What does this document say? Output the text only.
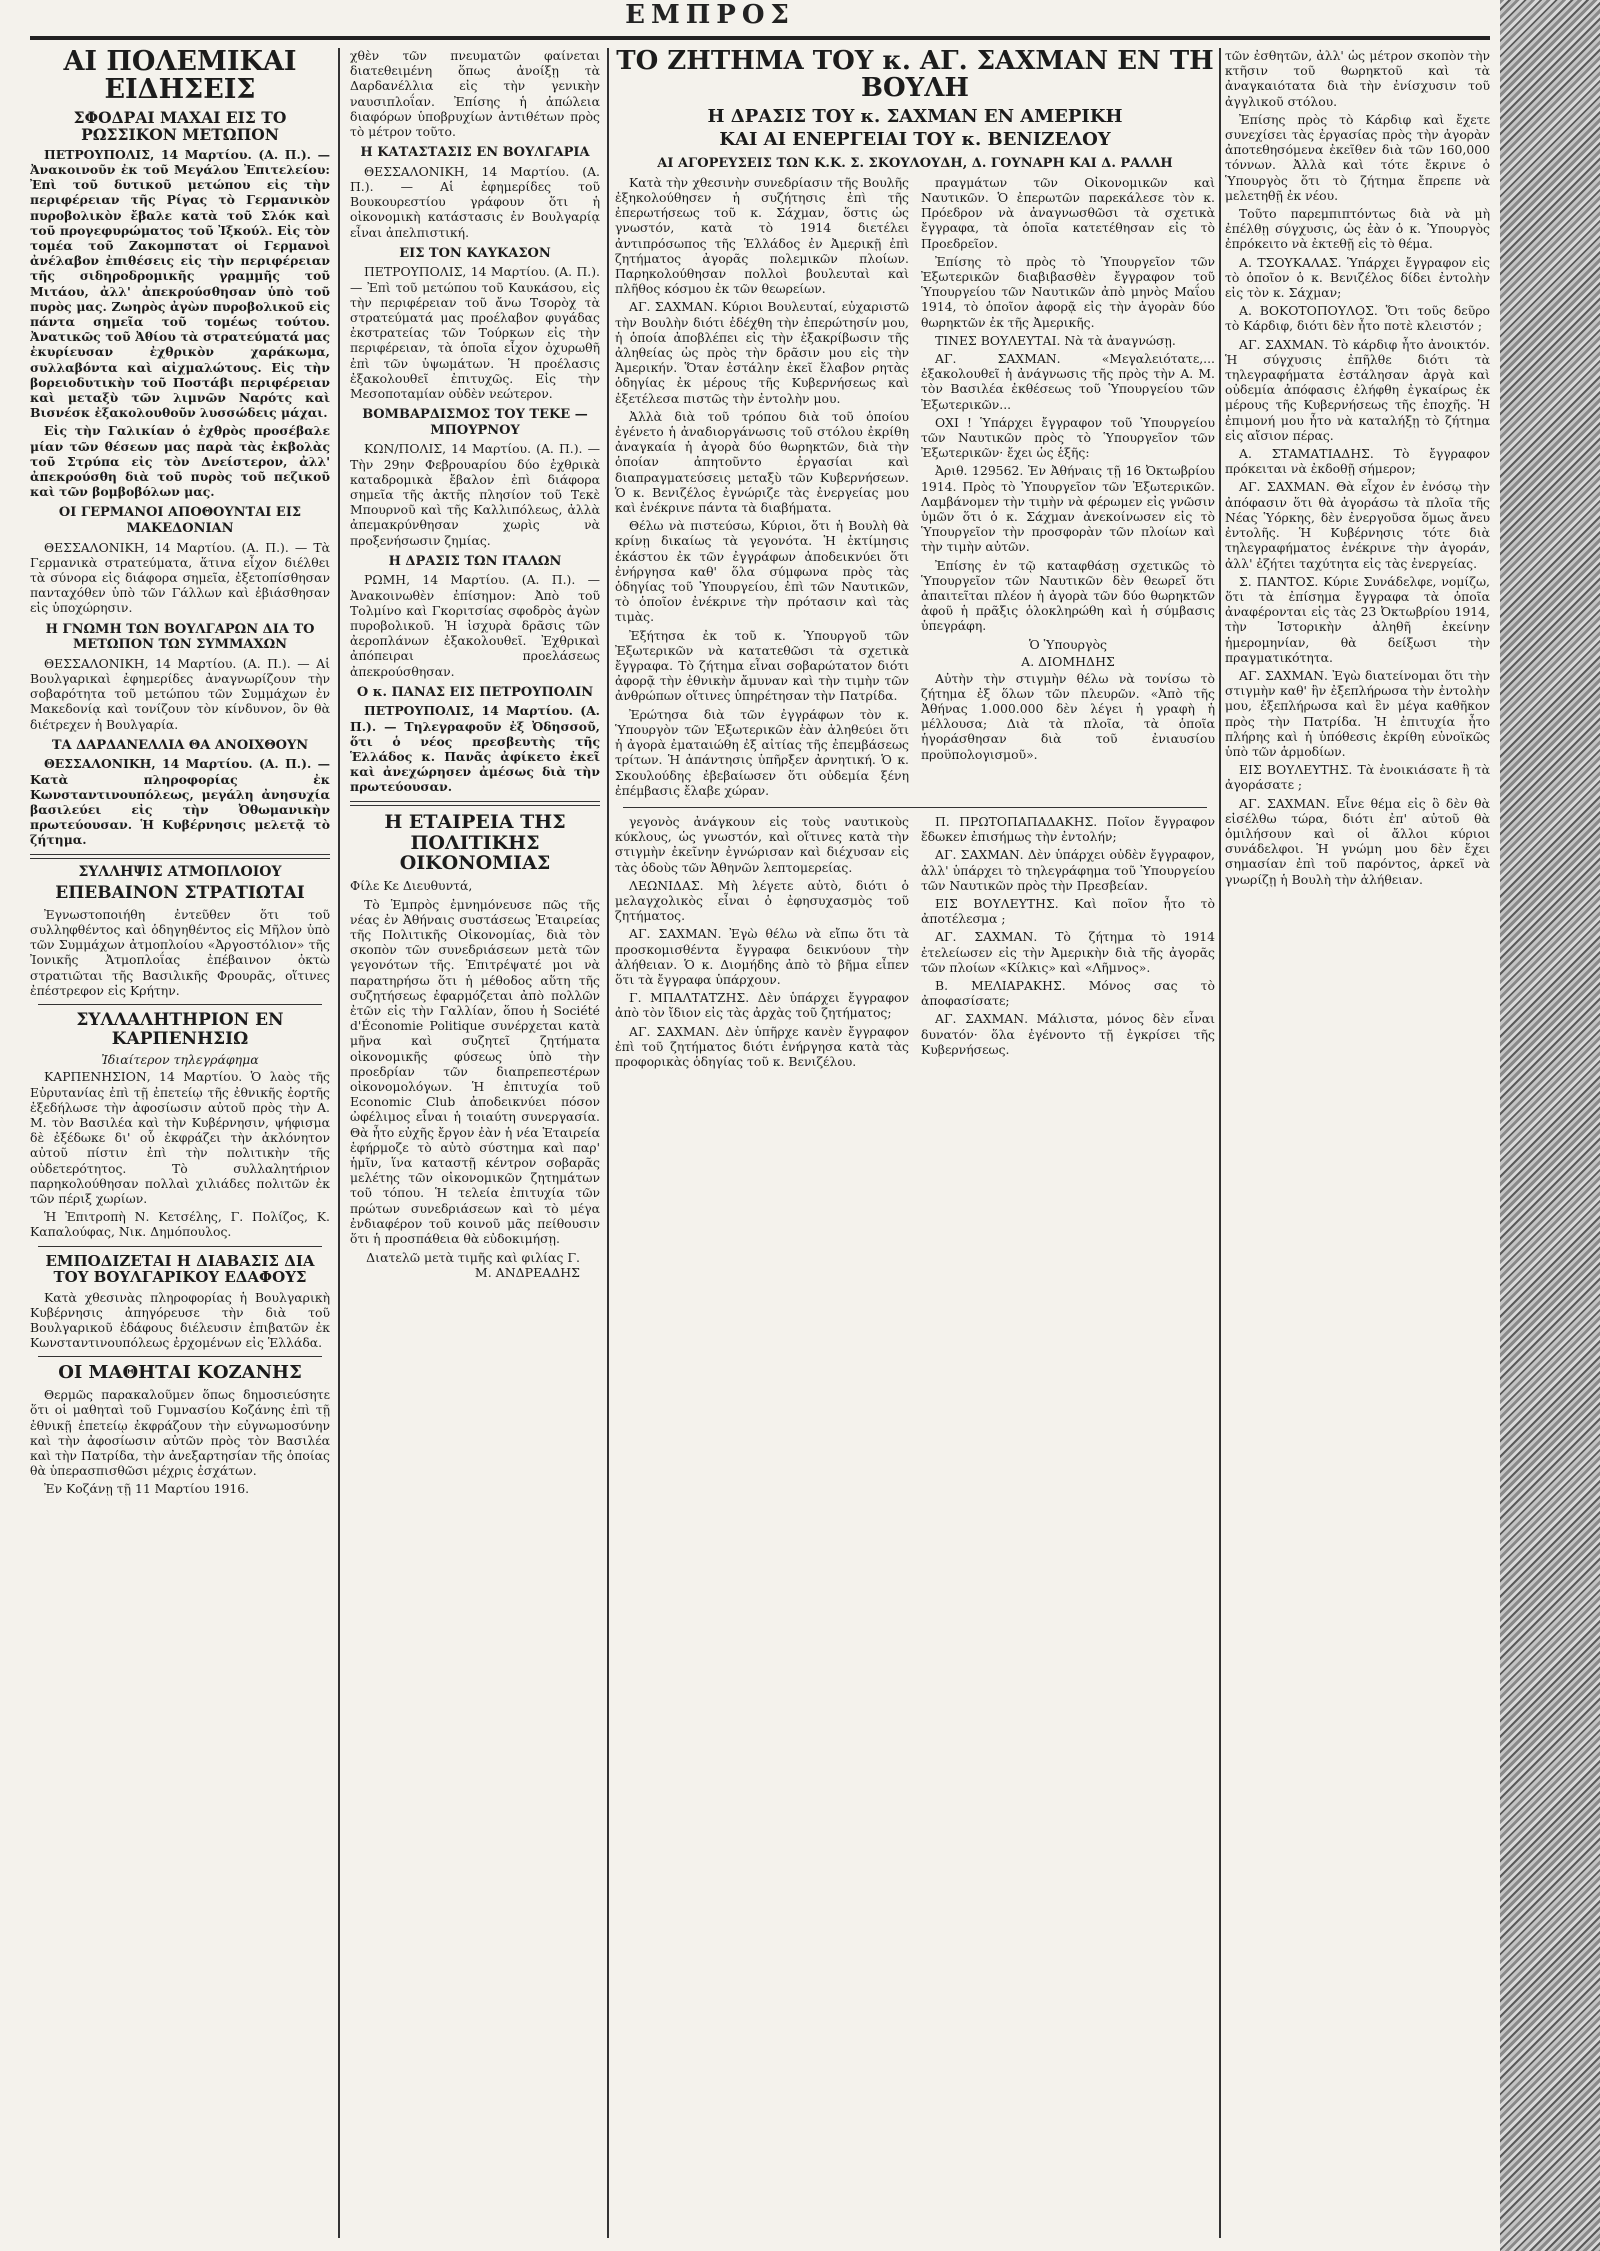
ΕΜΠΡΟΣ
ΑΙ ΠΟΛΕΜΙΚΑΙ ΕΙΔΗΣΕΙΣ
ΣΦΟΔΡΑΙ ΜΑΧΑΙ ΕΙΣ ΤΟ ΡΩΣΣΙΚΟΝ ΜΕΤΩΠΟΝ

ΠΕΤΡΟΥΠΟΛΙΣ, 14 Μαρτίου. (Α. Π.). — Ἀνακοινοῦν ἐκ τοῦ Μεγάλου Ἐπιτελείου: Ἐπὶ τοῦ δυτικοῦ μετώπου εἰς τὴν περιφέρειαν τῆς Ρίγας τὸ Γερμανικὸν πυροβολικὸν ἔβαλε κατὰ τοῦ Σλόκ καὶ τοῦ προγεφυρώματος τοῦ Ἰξκούλ. Εἰς τὸν τομέα τοῦ Ζακομπστατ οἱ Γερμανοὶ ἀνέλαβον ἐπιθέσεις εἰς τὴν περιφέρειαν τῆς σιδηροδρομικῆς γραμμῆς τοῦ Μιτάου, ἀλλ' ἀπεκρούσθησαν ὑπὸ τοῦ πυρὸς μας. Ζωηρὸς ἀγὼν πυροβολικοῦ εἰς πάντα σημεῖα τοῦ τομέως τούτου. Ἀνατικῶς τοῦ Ἀθίου τὰ στρατεύματά μας ἐκυρίευσαν ἐχθρικὸν χαράκωμα, συλλαβόντα καὶ αἰχμαλώτους. Εἰς τὴν βορειοδυτικὴν τοῦ Ποστάβι περιφέρειαν καὶ μεταξὺ τῶν λιμνῶν Ναρότς καὶ Βισνέσκ ἐξακολουθοῦν λυσσώδεις μάχαι.

Εἰς τὴν Γαλικίαν ὁ ἐχθρὸς προσέβαλε μίαν τῶν θέσεων μας παρὰ τὰς ἐκβολὰς τοῦ Στρύπα εἰς τὸν Δνείστερον, ἀλλ' ἀπεκρούσθη διὰ τοῦ πυρὸς τοῦ πεζικοῦ καὶ τῶν βομβοβόλων μας.

ΟΙ ΓΕΡΜΑΝΟΙ ΑΠΟΘΟΥΝΤΑΙ ΕΙΣ ΜΑΚΕΔΟΝΙΑΝ

ΘΕΣΣΑΛΟΝΙΚΗ, 14 Μαρτίου. (Α. Π.). — Τὰ Γερμανικὰ στρατεύματα, ἅτινα εἶχον διέλθει τὰ σύνορα εἰς διάφορα σημεῖα, ἐξετοπίσθησαν πανταχόθεν ὑπὸ τῶν Γάλλων καὶ ἐβιάσθησαν εἰς ὑποχώρησιν.

Η ΓΝΩΜΗ ΤΩΝ ΒΟΥΛΓΑΡΩΝ ΔΙΑ ΤΟ ΜΕΤΩΠΟΝ ΤΩΝ ΣΥΜΜΑΧΩΝ

ΘΕΣΣΑΛΟΝΙΚΗ, 14 Μαρτίου. (Α. Π.). — Αἱ Βουλγαρικαὶ ἐφημερίδες ἀναγνωρίζουν τὴν σοβαρότητα τοῦ μετώπου τῶν Συμμάχων ἐν Μακεδονίᾳ καὶ τονίζουν τὸν κίνδυνον, ὃν θὰ διέτρεχεν ἡ Βουλγαρία.

ΤΑ ΔΑΡΔΑΝΕΛΛΙΑ ΘΑ ΑΝΟΙΧΘΟΥΝ

ΘΕΣΣΑΛΟΝΙΚΗ, 14 Μαρτίου. (Α. Π.). — Κατὰ πληροφορίας ἐκ Κωνσταντινουπόλεως, μεγάλη ἀνησυχία βασιλεύει εἰς τὴν Ὀθωμανικὴν πρωτεύουσαν. Ἡ Κυβέρνησις μελετᾷ τὸ ζήτημα.

ΣΥΛΛΗΨΙΣ ΑΤΜΟΠΛΟΙΟΥ
ΕΠΕΒΑΙΝΟΝ ΣΤΡΑΤΙΩΤΑΙ

Ἐγνωστοποιήθη ἐντεῦθεν ὅτι τοῦ συλληφθέντος καὶ ὁδηγηθέντος εἰς Μῆλον ὑπὸ τῶν Συμμάχων ἀτμοπλοίου «Ἀργοστόλιον» τῆς Ἰονικῆς Ἀτμοπλοΐας ἐπέβαινον ὀκτὼ στρατιῶται τῆς Βασιλικῆς Φρουρᾶς, οἵτινες ἐπέστρεφον εἰς Κρήτην.

ΣΥΛΛΑΛΗΤΗΡΙΟΝ ΕΝ ΚΑΡΠΕΝΗΣΙΩ
Ἰδιαίτερον τηλεγράφημα

ΚΑΡΠΕΝΗΣΙΟΝ, 14 Μαρτίου. Ὁ λαὸς τῆς Εὐρυτανίας ἐπὶ τῇ ἐπετείῳ τῆς ἐθνικῆς ἐορτῆς ἐξεδήλωσε τὴν ἀφοσίωσιν αὐτοῦ πρὸς τὴν Α. Μ. τὸν Βασιλέα καὶ τὴν Κυβέρνησιν, ψήφισμα δὲ ἐξέδωκε δι' οὗ ἐκφράζει τὴν ἀκλόνητον αὐτοῦ πίστιν ἐπὶ τὴν πολιτικὴν τῆς οὐδετερότητος. Τὸ συλλαλητήριον παρηκολούθησαν πολλαὶ χιλιάδες πολιτῶν ἐκ τῶν πέριξ χωρίων.

Ἡ Ἐπιτροπὴ Ν. Κετσέλης, Γ. Πολίζος, Κ. Καπαλούφας, Νικ. Δημόπουλος.

ΕΜΠΟΔΙΖΕΤΑΙ Η ΔΙΑΒΑΣΙΣ ΔΙΑ ΤΟΥ ΒΟΥΛΓΑΡΙΚΟΥ ΕΔΑΦΟΥΣ

Κατὰ χθεσινὰς πληροφορίας ἡ Βουλγαρικὴ Κυβέρνησις ἀπηγόρευσε τὴν διὰ τοῦ Βουλγαρικοῦ ἐδάφους διέλευσιν ἐπιβατῶν ἐκ Κωνσταντινουπόλεως ἐρχομένων εἰς Ἑλλάδα.

ΟΙ ΜΑΘΗΤΑΙ ΚΟΖΑΝΗΣ

Θερμῶς παρακαλοῦμεν ὅπως δημοσιεύσητε ὅτι οἱ μαθηταὶ τοῦ Γυμνασίου Κοζάνης ἐπὶ τῇ ἐθνικῇ ἐπετείῳ ἐκφράζουν τὴν εὐγνωμοσύνην καὶ τὴν ἀφοσίωσιν αὐτῶν πρὸς τὸν Βασιλέα καὶ τὴν Πατρίδα, τὴν ἀνεξαρτησίαν τῆς ὁποίας θὰ ὑπερασπισθῶσι μέχρις ἐσχάτων.

Ἐν Κοζάνῃ τῇ 11 Μαρτίου 1916.

χθὲν τῶν πνευματῶν φαίνεται διατεθειμένη ὅπως ἀνοίξῃ τὰ Δαρδανέλλια εἰς τὴν γενικὴν ναυσιπλοΐαν. Ἐπίσης ἡ ἀπώλεια διαφόρων ὑποβρυχίων ἀντιθέτων πρὸς τὸ μέτρον τοῦτο.

Η ΚΑΤΑΣΤΑΣΙΣ ΕΝ ΒΟΥΛΓΑΡΙΑ

ΘΕΣΣΑΛΟΝΙΚΗ, 14 Μαρτίου. (Α. Π.). — Αἱ ἐφημερίδες τοῦ Βουκουρεστίου γράφουν ὅτι ἡ οἰκονομικὴ κατάστασις ἐν Βουλγαρίᾳ εἶναι ἀπελπιστική.

ΕΙΣ ΤΟΝ ΚΑΥΚΑΣΟΝ

ΠΕΤΡΟΥΠΟΛΙΣ, 14 Μαρτίου. (Α. Π.). — Ἐπὶ τοῦ μετώπου τοῦ Καυκάσου, εἰς τὴν περιφέρειαν τοῦ ἄνω Τσορὸχ τὰ στρατεύματά μας προέλαβον φυγάδας ἐκστρατείας τῶν Τούρκων εἰς τὴν περιφέρειαν, τὰ ὁποῖα εἶχον ὀχυρωθῆ ἐπὶ τῶν ὑψωμάτων. Ἡ προέλασις ἐξακολουθεῖ ἐπιτυχῶς. Εἰς τὴν Μεσοποταμίαν οὐδὲν νεώτερον.

ΒΟΜΒΑΡΔΙΣΜΟΣ ΤΟΥ ΤΕΚΕ — ΜΠΟΥΡΝΟΥ

ΚΩΝ/ΠΟΛΙΣ, 14 Μαρτίου. (Α. Π.). — Τὴν 29ην Φεβρουαρίου δύο ἐχθρικὰ καταδρομικὰ ἔβαλον ἐπὶ διάφορα σημεῖα τῆς ἀκτῆς πλησίον τοῦ Τεκὲ Μπουρνοῦ καὶ τῆς Καλλιπόλεως, ἀλλὰ ἀπεμακρύνθησαν χωρὶς νὰ προξενήσωσιν ζημίας.

Η ΔΡΑΣΙΣ ΤΩΝ ΙΤΑΛΩΝ

ΡΩΜΗ, 14 Μαρτίου. (Α. Π.). — Ἀνακοινωθὲν ἐπίσημον: Ἀπὸ τοῦ Τολμίνο καὶ Γκοριτσίας σφοδρὸς ἀγὼν πυροβολικοῦ. Ἡ ἰσχυρὰ δρᾶσις τῶν ἀεροπλάνων ἐξακολουθεῖ. Ἐχθρικαὶ ἀπόπειραι προελάσεως ἀπεκρούσθησαν.

Ο κ. ΠΑΝΑΣ ΕΙΣ ΠΕΤΡΟΥΠΟΛΙΝ

ΠΕΤΡΟΥΠΟΛΙΣ, 14 Μαρτίου. (Α. Π.). — Τηλεγραφοῦν ἐξ Ὀδησσοῦ, ὅτι ὁ νέος πρεσβευτὴς τῆς Ἑλλάδος κ. Πανᾶς ἀφίκετο ἐκεῖ καὶ ἀνεχώρησεν ἀμέσως διὰ τὴν πρωτεύουσαν.

Η ΕΤΑΙΡΕΙΑ ΤΗΣ ΠΟΛΙΤΙΚΗΣ ΟΙΚΟΝΟΜΙΑΣ

Φίλε Κε Διευθυντά,

Τὸ Ἐμπρὸς ἐμνημόνευσε πῶς τῆς νέας ἐν Ἀθήναις συστάσεως Ἑταιρείας τῆς Πολιτικῆς Οἰκονομίας, διὰ τὸν σκοπὸν τῶν συνεδριάσεων μετὰ τῶν γεγονότων τῆς. Ἐπιτρέψατέ μοι νὰ παρατηρήσω ὅτι ἡ μέθοδος αὕτη τῆς συζητήσεως ἐφαρμόζεται ἀπὸ πολλῶν ἐτῶν εἰς τὴν Γαλλίαν, ὅπου ἡ Société d'Économie Politique συνέρχεται κατὰ μῆνα καὶ συζητεῖ ζητήματα οἰκονομικῆς φύσεως ὑπὸ τὴν προεδρίαν τῶν διαπρεπεστέρων οἰκονομολόγων. Ἡ ἐπιτυχία τοῦ Economic Club ἀποδεικνύει πόσον ὠφέλιμος εἶναι ἡ τοιαύτη συνεργασία. Θὰ ἦτο εὐχῆς ἔργον ἐὰν ἡ νέα Ἑταιρεία ἐφήρμοζε τὸ αὐτὸ σύστημα καὶ παρ' ἡμῖν, ἵνα καταστῇ κέντρον σοβαρᾶς μελέτης τῶν οἰκονομικῶν ζητημάτων τοῦ τόπου. Ἡ τελεία ἐπιτυχία τῶν πρώτων συνεδριάσεων καὶ τὸ μέγα ἐνδιαφέρον τοῦ κοινοῦ μᾶς πείθουσιν ὅτι ἡ προσπάθεια θὰ εὐδοκιμήσῃ.

Διατελῶ μετὰ τιμῆς καὶ φιλίας Γ. Μ. ΑΝΔΡΕΑΔΗΣ
ΤΟ ΖΗΤΗΜΑ ΤΟΥ κ. ΑΓ. ΣΑΧΜΑΝ ΕΝ ΤΗ ΒΟΥΛΗ
Η ΔΡΑΣΙΣ ΤΟΥ κ. ΣΑΧΜΑΝ ΕΝ ΑΜΕΡΙΚΗ
ΚΑΙ ΑΙ ΕΝΕΡΓΕΙΑΙ ΤΟΥ κ. ΒΕΝΙΖΕΛΟΥ
ΑΙ ΑΓΟΡΕΥΣΕΙΣ ΤΩΝ Κ.Κ. Σ. ΣΚΟΥΛΟΥΔΗ, Δ. ΓΟΥΝΑΡΗ ΚΑΙ Δ. ΡΑΛΛΗ

Κατὰ τὴν χθεσινὴν συνεδρίασιν τῆς Βουλῆς ἐξηκολούθησεν ἡ συζήτησις ἐπὶ τῆς ἐπερωτήσεως τοῦ κ. Σάχμαν, ὅστις ὡς γνωστόν, κατὰ τὸ 1914 διετέλει ἀντιπρόσωπος τῆς Ἑλλάδος ἐν Ἀμερικῇ ἐπὶ ζητήματος ἀγορᾶς πολεμικῶν πλοίων. Παρηκολούθησαν πολλοὶ βουλευταὶ καὶ πλῆθος κόσμου ἐκ τῶν θεωρείων.

ΑΓ. ΣΑΧΜΑΝ. Κύριοι Βουλευταί, εὐχαριστῶ τὴν Βουλὴν διότι ἐδέχθη τὴν ἐπερώτησίν μου, ἡ ὁποία ἀποβλέπει εἰς τὴν ἐξακρίβωσιν τῆς ἀληθείας ὡς πρὸς τὴν δρᾶσιν μου εἰς τὴν Ἀμερικήν. Ὅταν ἐστάλην ἐκεῖ ἔλαβον ρητὰς ὁδηγίας ἐκ μέρους τῆς Κυβερνήσεως καὶ ἐξετέλεσα πιστῶς τὴν ἐντολὴν μου.

Ἀλλὰ διὰ τοῦ τρόπου διὰ τοῦ ὁποίου ἐγένετο ἡ ἀναδιοργάνωσις τοῦ στόλου ἐκρίθη ἀναγκαία ἡ ἀγορὰ δύο θωρηκτῶν, διὰ τὴν ὁποίαν ἀπητοῦντο ἐργασίαι καὶ διαπραγματεύσεις μεταξὺ τῶν Κυβερνήσεων. Ὁ κ. Βενιζέλος ἐγνώριζε τὰς ἐνεργείας μου καὶ ἐνέκρινε πάντα τὰ διαβήματα.

Θέλω νὰ πιστεύσω, Κύριοι, ὅτι ἡ Βουλὴ θὰ κρίνῃ δικαίως τὰ γεγονότα. Ἡ ἐκτίμησις ἑκάστου ἐκ τῶν ἐγγράφων ἀποδεικνύει ὅτι ἐνήργησα καθ' ὅλα σύμφωνα πρὸς τὰς ὁδηγίας τοῦ Ὑπουργείου, ἐπὶ τῶν Ναυτικῶν, τὸ ὁποῖον ἐνέκρινε τὴν πρότασιν καὶ τὰς τιμὰς.

Ἐξήτησα ἐκ τοῦ κ. Ὑπουργοῦ τῶν Ἐξωτερικῶν νὰ κατατεθῶσι τὰ σχετικὰ ἔγγραφα. Τὸ ζήτημα εἶναι σοβαρώτατον διότι ἀφορᾷ τὴν ἐθνικὴν ἄμυναν καὶ τὴν τιμὴν τῶν ἀνθρώπων οἵτινες ὑπηρέτησαν τὴν Πατρίδα.

Ἐρώτησα διὰ τῶν ἐγγράφων τὸν κ. Ὑπουργὸν τῶν Ἐξωτερικῶν ἐὰν ἀληθεύει ὅτι ἡ ἀγορὰ ἐματαιώθη ἐξ αἰτίας τῆς ἐπεμβάσεως τρίτων. Ἡ ἀπάντησις ὑπῆρξεν ἀρνητική. Ὁ κ. Σκουλούδης ἐβεβαίωσεν ὅτι οὐδεμία ξένη ἐπέμβασις ἔλαβε χώραν.

πραγμάτων τῶν Οἰκονομικῶν καὶ Ναυτικῶν. Ὁ ἐπερωτῶν παρεκάλεσε τὸν κ. Πρόεδρον νὰ ἀναγνωσθῶσι τὰ σχετικὰ ἔγγραφα, τὰ ὁποῖα κατετέθησαν εἰς τὸ Προεδρεῖον.

Ἐπίσης τὸ πρὸς τὸ Ὑπουργεῖον τῶν Ἐξωτερικῶν διαβιβασθὲν ἔγγραφον τοῦ Ὑπουργείου τῶν Ναυτικῶν ἀπὸ μηνὸς Μαΐου 1914, τὸ ὁποῖον ἀφορᾷ εἰς τὴν ἀγορὰν δύο θωρηκτῶν ἐκ τῆς Ἀμερικῆς.

ΤΙΝΕΣ ΒΟΥΛΕΥΤΑΙ. Νὰ τὰ ἀναγνώσῃ.

ΑΓ. ΣΑΧΜΑΝ. «Μεγαλειότατε,... ἐξακολουθεῖ ἡ ἀνάγνωσις τῆς πρὸς τὴν Α. Μ. τὸν Βασιλέα ἐκθέσεως τοῦ Ὑπουργείου τῶν Ἐξωτερικῶν...

ΟΧΙ ! Ὑπάρχει ἔγγραφον τοῦ Ὑπουργείου τῶν Ναυτικῶν πρὸς τὸ Ὑπουργεῖον τῶν Ἐξωτερικῶν· ἔχει ὡς ἑξῆς:

Ἀριθ. 129562. Ἐν Ἀθήναις τῇ 16 Ὀκτωβρίου 1914. Πρὸς τὸ Ὑπουργεῖον τῶν Ἐξωτερικῶν. Λαμβάνομεν τὴν τιμὴν νὰ φέρωμεν εἰς γνῶσιν ὑμῶν ὅτι ὁ κ. Σάχμαν ἀνεκοίνωσεν εἰς τὸ Ὑπουργεῖον τὴν προσφορὰν τῶν πλοίων καὶ τὴν τιμὴν αὐτῶν.

Ἐπίσης ἐν τῷ καταφθάσῃ σχετικῶς τὸ Ὑπουργεῖον τῶν Ναυτικῶν δὲν θεωρεῖ ὅτι ἀπαιτεῖται πλέον ἡ ἀγορὰ τῶν δύο θωρηκτῶν ἀφοῦ ἡ πρᾶξις ὁλοκληρώθη καὶ ἡ σύμβασις ὑπεγράφη.

Ὁ Ὑπουργὸς
Α. ΔΙΟΜΗΔΗΣ

Αὐτὴν τὴν στιγμὴν θέλω νὰ τονίσω τὸ ζήτημα ἐξ ὅλων τῶν πλευρῶν. «Ἀπὸ τῆς Ἀθήνας 1.000.000 δὲν λέγει ἡ γραφὴ ἡ μέλλουσα; Διὰ τὰ πλοῖα, τὰ ὁποῖα ἡγοράσθησαν διὰ τοῦ ἐνιαυσίου προϋπολογισμοῦ».

γεγονὸς ἀνάγκουν εἰς τοὺς ναυτικοὺς κύκλους, ὡς γνωστόν, καὶ οἵτινες κατὰ τὴν στιγμὴν ἐκεῖνην ἐγνώρισαν καὶ διέχυσαν εἰς τὰς ὁδοὺς τῶν Ἀθηνῶν λεπτομερείας.

ΛΕΩΝΙΔΑΣ. Μὴ λέγετε αὐτὸ, διότι ὁ μελαγχολικὸς εἶναι ὁ ἐφησυχασμὸς τοῦ ζητήματος.

ΑΓ. ΣΑΧΜΑΝ. Ἐγὼ θέλω νὰ εἴπω ὅτι τὰ προσκομισθέντα ἔγγραφα δεικνύουν τὴν ἀλήθειαν. Ὁ κ. Διομήδης ἀπὸ τὸ βῆμα εἶπεν ὅτι τὰ ἔγγραφα ὑπάρχουν.

Γ. ΜΠΑΛΤΑΤΖΗΣ. Δὲν ὑπάρχει ἔγγραφον ἀπὸ τὸν ἴδιον εἰς τὰς ἀρχὰς τοῦ ζητήματος;

ΑΓ. ΣΑΧΜΑΝ. Δὲν ὑπῆρχε κανὲν ἔγγραφον ἐπὶ τοῦ ζητήματος διότι ἐνήργησα κατὰ τὰς προφορικὰς ὁδηγίας τοῦ κ. Βενιζέλου.

Π. ΠΡΩΤΟΠΑΠΑΔΑΚΗΣ. Ποῖον ἔγγραφον ἔδωκεν ἐπισήμως τὴν ἐντολήν;

ΑΓ. ΣΑΧΜΑΝ. Δὲν ὑπάρχει οὐδὲν ἔγγραφον, ἀλλ' ὑπάρχει τὸ τηλεγράφημα τοῦ Ὑπουργείου τῶν Ναυτικῶν πρὸς τὴν Πρεσβείαν.

ΕΙΣ ΒΟΥΛΕΥΤΗΣ. Καὶ ποῖον ἦτο τὸ ἀποτέλεσμα ;

ΑΓ. ΣΑΧΜΑΝ. Τὸ ζήτημα τὸ 1914 ἐτελείωσεν εἰς τὴν Ἀμερικὴν διὰ τῆς ἀγορᾶς τῶν πλοίων «Κίλκις» καὶ «Λῆμνος».

Β. ΜΕΛΙΑΡΑΚΗΣ. Μόνος σας τὸ ἀποφασίσατε;

ΑΓ. ΣΑΧΜΑΝ. Μάλιστα, μόνος δὲν εἶναι δυνατόν· ὅλα ἐγένοντο τῇ ἐγκρίσει τῆς Κυβερνήσεως.

τῶν ἐσθητῶν, ἀλλ' ὡς μέτρον σκοπὸν τὴν κτῆσιν τοῦ θωρηκτοῦ καὶ τὰ ἀναγκαιότατα διὰ τὴν ἐνίσχυσιν τοῦ ἀγγλικοῦ στόλου.

Ἐπίσης πρὸς τὸ Κάρδιφ καὶ ἔχετε συνεχίσει τὰς ἐργασίας πρὸς τὴν ἀγορὰν ἀποτεθησόμενα ἐκεῖθεν διὰ τῶν 160,000 τόννων. Ἀλλὰ καὶ τότε ἔκρινε ὁ Ὑπουργὸς ὅτι τὸ ζήτημα ἔπρεπε νὰ μελετηθῇ ἐκ νέου.

Τοῦτο παρεμπιπτόντως διὰ νὰ μὴ ἐπέλθῃ σύγχυσις, ὡς ἐὰν ὁ κ. Ὑπουργὸς ἐπρόκειτο νὰ ἐκτεθῇ εἰς τὸ θέμα.

Α. ΤΣΟΥΚΑΛΑΣ. Ὑπάρχει ἔγγραφον εἰς τὸ ὁποῖον ὁ κ. Βενιζέλος δίδει ἐντολὴν εἰς τὸν κ. Σάχμαν;

Α. ΒΟΚΟΤΟΠΟΥΛΟΣ. Ὅτι τοῦς δεῦρο τὸ Κάρδιφ, διότι δὲν ἦτο ποτὲ κλειστόν ;

ΑΓ. ΣΑΧΜΑΝ. Τὸ κάρδιφ ἦτο ἀνοικτόν. Ἡ σύγχυσις ἐπῆλθε διότι τὰ τηλεγραφήματα ἐστάλησαν ἀργὰ καὶ οὐδεμία ἀπόφασις ἐλήφθη ἐγκαίρως ἐκ μέρους τῆς Κυβερνήσεως τῆς ἐποχῆς. Ἡ ἐπιμονή μου ἦτο νὰ καταλήξῃ τὸ ζήτημα εἰς αἴσιον πέρας.

Α. ΣΤΑΜΑΤΙΑΔΗΣ. Τὸ ἔγγραφον πρόκειται νὰ ἐκδοθῇ σήμερον;

ΑΓ. ΣΑΧΜΑΝ. Θὰ εἶχον ἐν ἐνόσῳ τὴν ἀπόφασιν ὅτι θὰ ἀγοράσω τὰ πλοῖα τῆς Νέας Ὑόρκης, δὲν ἐνεργοῦσα ὅμως ἄνευ ἐντολῆς. Ἡ Κυβέρνησις τότε διὰ τηλεγραφήματος ἐνέκρινε τὴν ἀγοράν, ἀλλ' ἐζήτει ταχύτητα εἰς τὰς ἐνεργείας.

Σ. ΠΑΝΤΟΣ. Κύριε Συνάδελφε, νομίζω, ὅτι τὰ ἐπίσημα ἔγγραφα τὰ ὁποῖα ἀναφέρονται εἰς τὰς 23 Ὀκτωβρίου 1914, τὴν Ἱστορικὴν ἀληθῆ ἐκείνην ἡμερομηνίαν, θὰ δείξωσι τὴν πραγματικότητα.

ΑΓ. ΣΑΧΜΑΝ. Ἐγὼ διατείνομαι ὅτι τὴν στιγμὴν καθ' ἣν ἐξεπλήρωσα τὴν ἐντολὴν μου, ἐξεπλήρωσα καὶ ἓν μέγα καθῆκον πρὸς τὴν Πατρίδα. Ἡ ἐπιτυχία ἦτο πλήρης καὶ ἡ ὑπόθεσις ἐκρίθη εὐνοϊκῶς ὑπὸ τῶν ἁρμοδίων.

ΕΙΣ ΒΟΥΛΕΥΤΗΣ. Τὰ ἐνοικιάσατε ἢ τὰ ἀγοράσατε ;

ΑΓ. ΣΑΧΜΑΝ. Εἶνε θέμα εἰς ὃ δὲν θὰ εἰσέλθω τώρα, διότι ἐπ' αὐτοῦ θὰ ὁμιλήσουν καὶ οἱ ἄλλοι κύριοι συνάδελφοι. Ἡ γνώμη μου δὲν ἔχει σημασίαν ἐπὶ τοῦ παρόντος, ἀρκεῖ νὰ γνωρίζῃ ἡ Βουλὴ τὴν ἀλήθειαν.
